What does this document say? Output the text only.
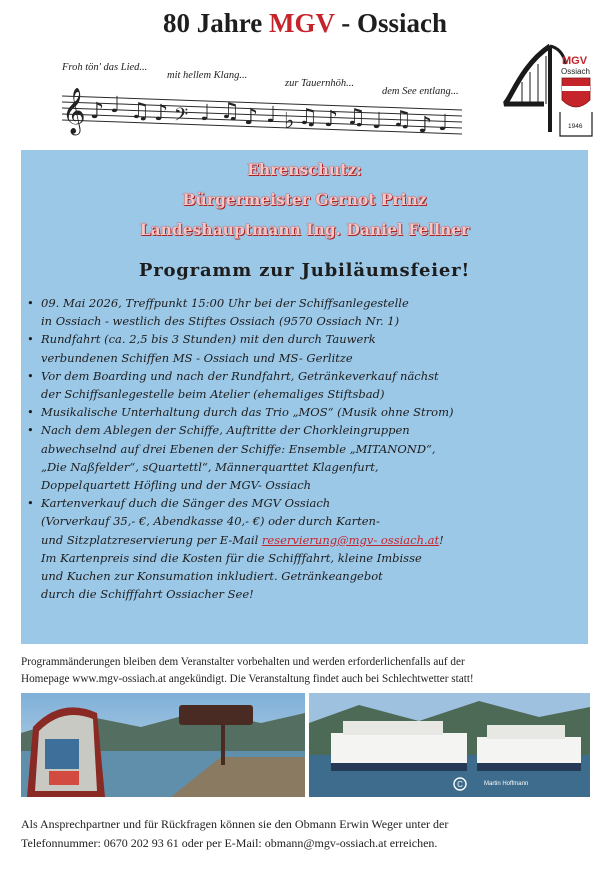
80 Jahre MGV - Ossiach
Froh tön' das Lied...
mit hellem Klang...
zur Tauernhöh...
dem See entlang...
𝄞 ♪ ♩ ♫ ♪ 𝄢 ♩ ♫ ♪ ♩ ♭ ♫ ♪ ♫ ♩ ♫ ♪ ♩
MGV
Ossiach
1946
Ehrenschutz:
Bürgermeister Gernot Prinz
Landeshauptmann Ing. Daniel Fellner
Programm zur Jubiläumsfeier!
• 09. Mai 2026, Treffpunkt 15:00 Uhr bei der Schiffsanlegestelle
in Ossiach - westlich des Stiftes Ossiach (9570 Ossiach Nr. 1)
• Rundfahrt (ca. 2,5 bis 3 Stunden) mit den durch Tauwerk
verbundenen Schiffen MS - Ossiach und MS- Gerlitze
• Vor dem Boarding und nach der Rundfahrt, Getränkeverkauf nächst
der Schiffsanlegestelle beim Atelier (ehemaliges Stiftsbad)
• Musikalische Unterhaltung durch das Trio „MOS“ (Musik ohne Strom)
• Nach dem Ablegen der Schiffe, Auftritte der Chorkleingruppen
abwechselnd auf drei Ebenen der Schiffe: Ensemble „MITANOND“,
„Die Naßfelder“, sQuartettl“, Männerquarttet Klagenfurt,
Doppelquartett Höfling und der MGV- Ossiach
• Kartenverkauf duch die Sänger des MGV Ossiach
(Vorverkauf 35,- €, Abendkasse 40,- €) oder durch Karten-
und Sitzplatzreservierung per E-Mail reservierung@mgv- ossiach.at!
Im Kartenpreis sind die Kosten für die Schifffahrt, kleine Imbisse
und Kuchen zur Konsumation inkludiert. Getränkeangebot
durch die Schifffahrt Ossiacher See!
Programmänderungen bleiben dem Veranstalter vorbehalten und werden erforderlichenfalls auf der
Homepage www.mgv-ossiach.at angekündigt. Die Veranstaltung findet auch bei Schlechtwetter statt!
C	Martin Hoffmann
Als Ansprechpartner und für Rückfragen können sie den Obmann Erwin Weger unter der
Telefonnummer: 0670 202 93 61 oder per E-Mail: obmann@mgv-ossiach.at erreichen.
